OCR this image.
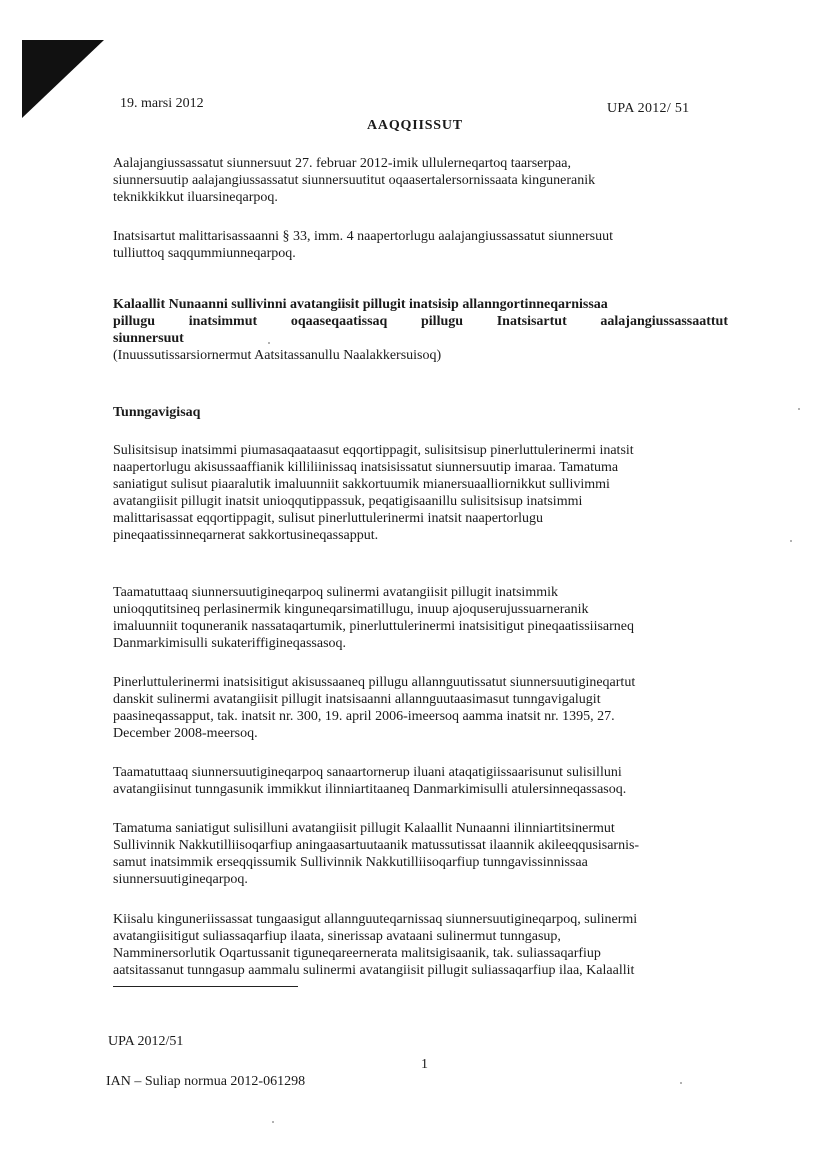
19. marsi 2012	UPA 2012/ 51
AAQQIISSUT
Aalajangiussassatut siunnersuut 27. februar 2012-imik ullulerneqartoq taarserpaa,
siunnersuutip aalajangiussassatut siunnersuutitut oqaasertalersornissaata kinguneranik
teknikkikkut iluarsineqarpoq.
Inatsisartut malittarisassaanni § 33, imm. 4 naapertorlugu aalajangiussassatut siunnersuut
tulliuttoq saqqummiunneqarpoq.
Kalaallit Nunaanni sullivinni avatangiisit pillugit inatsisip allanngortinneqarnissaa
pillugu inatsimmut oqaaseqaatissaq pillugu Inatsisartut aalajangiussassaattut
siunnersuut
(Inuussutissarsiornermut Aatsitassanullu Naalakkersuisoq)
Tunngavigisaq
Sulisitsisup inatsimmi piumasaqaataasut eqqortippagit, sulisitsisup pinerluttulerinermi inatsit
naapertorlugu akisussaaffianik killiliinissaq inatsisissatut siunnersuutip imaraa. Tamatuma
saniatigut sulisut piaaralutik imaluunniit sakkortuumik mianersuaalliornikkut sullivimmi
avatangiisit pillugit inatsit unioqqutippassuk, peqatigisaanillu sulisitsisup inatsimmi
malittarisassat eqqortippagit, sulisut pinerluttulerinermi inatsit naapertorlugu
pineqaatissinneqarnerat sakkortusineqassapput.
Taamatuttaaq siunnersuutigineqarpoq sulinermi avatangiisit pillugit inatsimmik
unioqqutitsineq perlasinermik kinguneqarsimatillugu, inuup ajoquserujussuarneranik
imaluunniit toquneranik nassataqartumik, pinerluttulerinermi inatsisitigut pineqaatissiisarneq
Danmarkimisulli sukateriffigineqassasoq.
Pinerluttulerinermi inatsisitigut akisussaaneq pillugu allannguutissatut siunnersuutigineqartut
danskit sulinermi avatangiisit pillugit inatsisaanni allannguutaasimasut tunngavigalugit
paasineqassapput, tak. inatsit nr. 300, 19. april 2006-imeersoq aamma inatsit nr. 1395, 27.
December 2008-meersoq.
Taamatuttaaq siunnersuutigineqarpoq sanaartornerup iluani ataqatigiissaarisunut sulisilluni
avatangiisinut tunngasunik immikkut ilinniartitaaneq Danmarkimisulli atulersinneqassasoq.
Tamatuma saniatigut sulisilluni avatangiisit pillugit Kalaallit Nunaanni ilinniartitsinermut
Sullivinnik Nakkutilliisoqarfiup aningaasartuutaanik matussutissat ilaannik akileeqqusisarnis-
samut inatsimmik erseqqissumik Sullivinnik Nakkutilliisoqarfiup tunngavissinnissaa
siunnersuutigineqarpoq.
Kiisalu kinguneriissassat tungaasigut allannguuteqarnissaq siunnersuutigineqarpoq, sulinermi
avatangiisitigut suliassaqarfiup ilaata, sinerissap avataani sulinermut tunngasup,
Namminersorlutik Oqartussanit tiguneqareernerata malitsigisaanik, tak. suliassaqarfiup
aatsitassanut tunngasup aammalu sulinermi avatangiisit pillugit suliassaqarfiup ilaa, Kalaallit
UPA 2012/51
1
IAN – Suliap normua 2012-061298
